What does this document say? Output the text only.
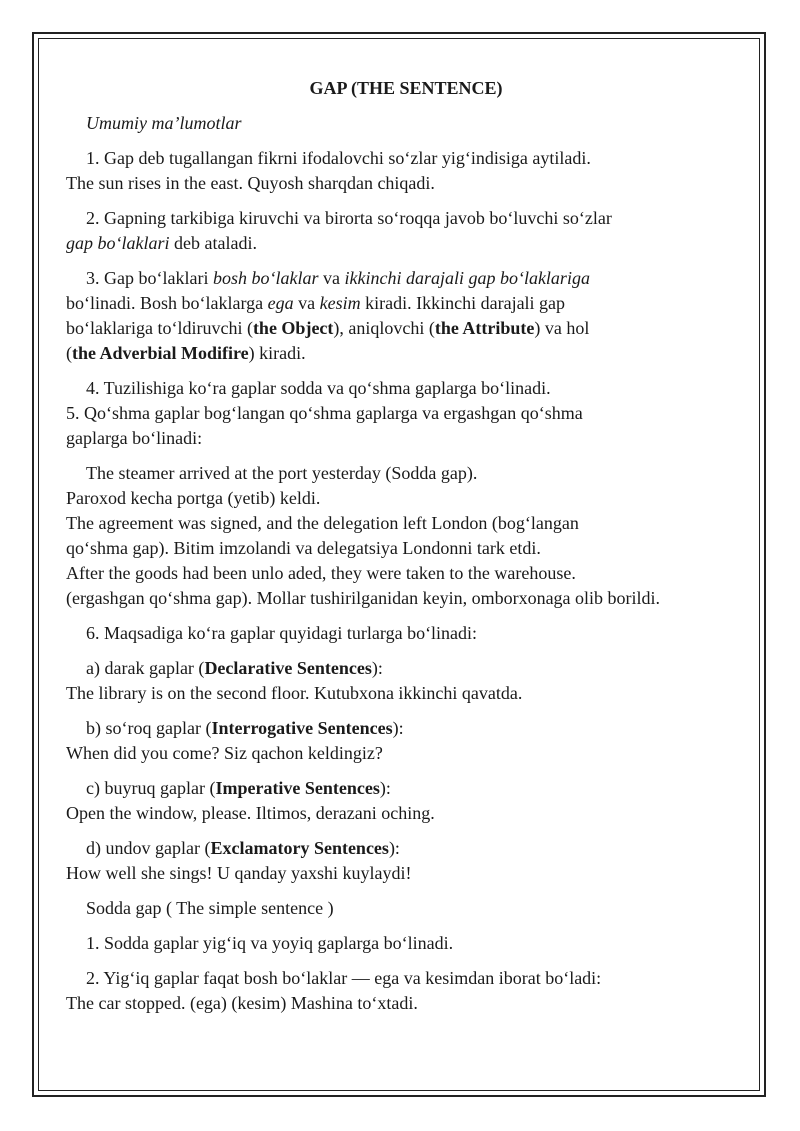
GAP (THE SENTENCE)

Umumiy ma’lumotlar

1. Gap deb tugallangan fikrni ifodalovchi so‘zlar yig‘indisiga aytiladi.
The sun rises in the east. Quyosh sharqdan chiqadi.

2. Gapning tarkibiga kiruvchi va birorta so‘roqqa javob bo‘luvchi so‘zlar
gap bo‘laklari deb ataladi.

3. Gap bo‘laklari bosh bo‘laklar va ikkinchi darajali gap bo‘laklariga
bo‘linadi. Bosh bo‘laklarga ega va kesim kiradi. Ikkinchi darajali gap
bo‘laklariga to‘ldiruvchi (the Object), aniqlovchi (the Attribute) va hol
(the Adverbial Modifire) kiradi.

4. Tuzilishiga ko‘ra gaplar sodda va qo‘shma gaplarga bo‘linadi.
5. Qo‘shma gaplar bog‘langan qo‘shma gaplarga va ergashgan qo‘shma
gaplarga bo‘linadi:

The steamer arrived at the port yesterday (Sodda gap).
Paroxod kecha portga (yetib) keldi.
The agreement was signed, and the delegation left London (bog‘langan
qo‘shma gap). Bitim imzolandi va delegatsiya Londonni tark etdi.
After the goods had been unlo aded, they were taken to the warehouse.
(ergashgan qo‘shma gap). Mollar tushirilganidan keyin, omborxonaga olib borildi.

6. Maqsadiga ko‘ra gaplar quyidagi turlarga bo‘linadi:

a) darak gaplar (Declarative Sentences):
The library is on the second floor. Kutubxona ikkinchi qavatda.

b) so‘roq gaplar (Interrogative Sentences):
When did you come? Siz qachon keldingiz?

c) buyruq gaplar (Imperative Sentences):
Open the window, please. Iltimos, derazani oching.

d) undov gaplar (Exclamatory Sentences):
How well she sings! U qanday yaxshi kuylaydi!

Sodda gap ( The simple sentence )

1. Sodda gaplar yig‘iq va yoyiq gaplarga bo‘linadi.

2. Yig‘iq gaplar faqat bosh bo‘laklar — ega va kesimdan iborat bo‘ladi:
The car stopped. (ega) (kesim) Mashina to‘xtadi.
